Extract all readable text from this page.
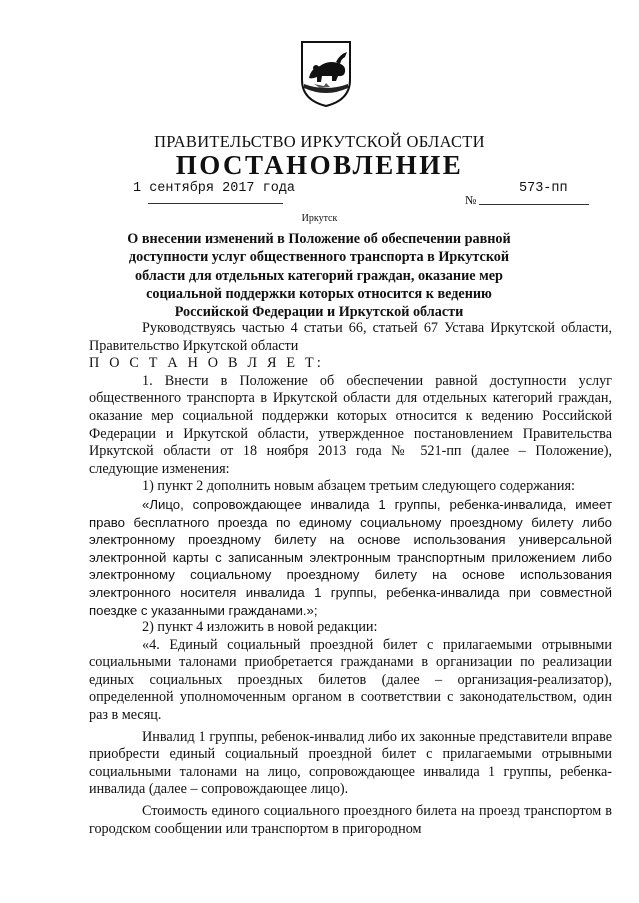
ПРАВИТЕЛЬСТВО ИРКУТСКОЙ ОБЛАСТИ
ПОСТАНОВЛЕНИЕ
1 сентября 2017 года
№
573-пп
Иркутск
О внесении изменений в Положение об обеспечении равной доступности услуг общественного транспорта в Иркутской области для отдельных категорий граждан, оказание мер социальной поддержки которых относится к ведению Российской Федерации и Иркутской области

Руководствуясь частью 4 статьи 66, статьей 67 Устава Иркутской области, Правительство Иркутской области

П О С Т А Н О В Л Я Е Т:

1. Внести в Положение об обеспечении равной доступности услуг общественного транспорта в Иркутской области для отдельных категорий граждан, оказание мер социальной поддержки которых относится к ведению Российской Федерации и Иркутской области, утвержденное постановлением Правительства Иркутской области от 18 ноября 2013 года № 521-пп (далее – Положение), следующие изменения:

1) пункт 2 дополнить новым абзацем третьим следующего содержания:

«Лицо, сопровождающее инвалида 1 группы, ребенка-инвалида, имеет право бесплатного проезда по единому социальному проездному билету либо электронному проездному билету на основе использования универсальной электронной карты с записанным электронным транспортным приложением либо электронному социальному проездному билету на основе использования электронного носителя инвалида 1 группы, ребенка-инвалида при совместной поездке с указанными гражданами.»;

2) пункт 4 изложить в новой редакции:

«4. Единый социальный проездной билет с прилагаемыми отрывными социальными талонами приобретается гражданами в организации по реализации единых социальных проездных билетов (далее – организация-реализатор), определенной уполномоченным органом в соответствии с законодательством, один раз в месяц.

Инвалид 1 группы, ребенок-инвалид либо их законные представители вправе приобрести единый социальный проездной билет с прилагаемыми отрывными социальными талонами на лицо, сопровождающее инвалида 1 группы, ребенка-инвалида (далее – сопровождающее лицо).

Стоимость единого социального проездного билета на проезд транспортом в городском сообщении или транспортом в пригородном
